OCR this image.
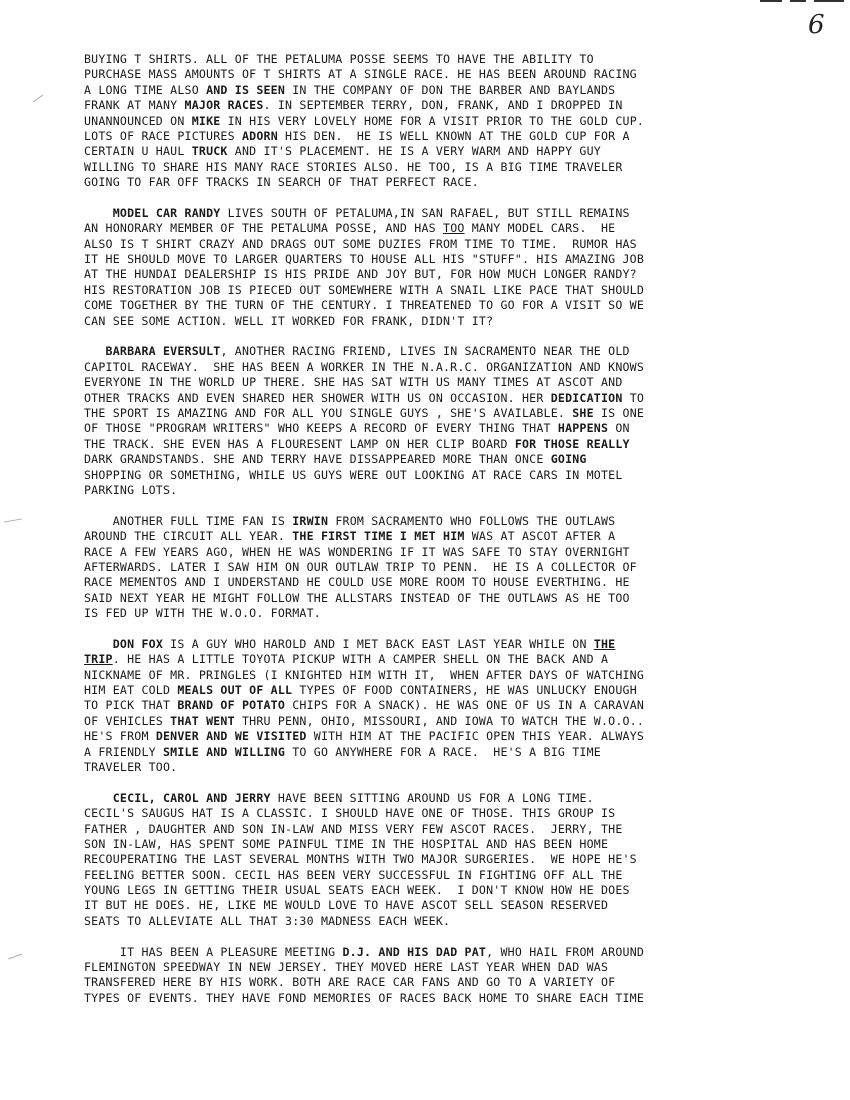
6
BUYING T SHIRTS. ALL OF THE PETALUMA POSSE SEEMS TO HAVE THE ABILITY TO
PURCHASE MASS AMOUNTS OF T SHIRTS AT A SINGLE RACE. HE HAS BEEN AROUND RACING
A LONG TIME ALSO AND IS SEEN IN THE COMPANY OF DON THE BARBER AND BAYLANDS
FRANK AT MANY MAJOR RACES. IN SEPTEMBER TERRY, DON, FRANK, AND I DROPPED IN
UNANNOUNCED ON MIKE IN HIS VERY LOVELY HOME FOR A VISIT PRIOR TO THE GOLD CUP.
LOTS OF RACE PICTURES ADORN HIS DEN.  HE IS WELL KNOWN AT THE GOLD CUP FOR A
CERTAIN U HAUL TRUCK AND IT'S PLACEMENT. HE IS A VERY WARM AND HAPPY GUY
WILLING TO SHARE HIS MANY RACE STORIES ALSO. HE TOO, IS A BIG TIME TRAVELER
GOING TO FAR OFF TRACKS IN SEARCH OF THAT PERFECT RACE.
MODEL CAR RANDY LIVES SOUTH OF PETALUMA,IN SAN RAFAEL, BUT STILL REMAINS
AN HONORARY MEMBER OF THE PETALUMA POSSE, AND HAS TOO MANY MODEL CARS.  HE
ALSO IS T SHIRT CRAZY AND DRAGS OUT SOME DUZIES FROM TIME TO TIME.  RUMOR HAS
IT HE SHOULD MOVE TO LARGER QUARTERS TO HOUSE ALL HIS "STUFF". HIS AMAZING JOB
AT THE HUNDAI DEALERSHIP IS HIS PRIDE AND JOY BUT, FOR HOW MUCH LONGER RANDY?
HIS RESTORATION JOB IS PIECED OUT SOMEWHERE WITH A SNAIL LIKE PACE THAT SHOULD
COME TOGETHER BY THE TURN OF THE CENTURY. I THREATENED TO GO FOR A VISIT SO WE
CAN SEE SOME ACTION. WELL IT WORKED FOR FRANK, DIDN'T IT?
BARBARA EVERSULT, ANOTHER RACING FRIEND, LIVES IN SACRAMENTO NEAR THE OLD
CAPITOL RACEWAY.  SHE HAS BEEN A WORKER IN THE N.A.R.C. ORGANIZATION AND KNOWS
EVERYONE IN THE WORLD UP THERE. SHE HAS SAT WITH US MANY TIMES AT ASCOT AND
OTHER TRACKS AND EVEN SHARED HER SHOWER WITH US ON OCCASION. HER DEDICATION TO
THE SPORT IS AMAZING AND FOR ALL YOU SINGLE GUYS , SHE'S AVAILABLE. SHE IS ONE
OF THOSE "PROGRAM WRITERS" WHO KEEPS A RECORD OF EVERY THING THAT HAPPENS ON
THE TRACK. SHE EVEN HAS A FLOURESENT LAMP ON HER CLIP BOARD FOR THOSE REALLY
DARK GRANDSTANDS. SHE AND TERRY HAVE DISSAPPEARED MORE THAN ONCE GOING
SHOPPING OR SOMETHING, WHILE US GUYS WERE OUT LOOKING AT RACE CARS IN MOTEL
PARKING LOTS.
ANOTHER FULL TIME FAN IS IRWIN FROM SACRAMENTO WHO FOLLOWS THE OUTLAWS
AROUND THE CIRCUIT ALL YEAR. THE FIRST TIME I MET HIM WAS AT ASCOT AFTER A
RACE A FEW YEARS AGO, WHEN HE WAS WONDERING IF IT WAS SAFE TO STAY OVERNIGHT
AFTERWARDS. LATER I SAW HIM ON OUR OUTLAW TRIP TO PENN.  HE IS A COLLECTOR OF
RACE MEMENTOS AND I UNDERSTAND HE COULD USE MORE ROOM TO HOUSE EVERTHING. HE
SAID NEXT YEAR HE MIGHT FOLLOW THE ALLSTARS INSTEAD OF THE OUTLAWS AS HE TOO
IS FED UP WITH THE W.O.O. FORMAT.
DON FOX IS A GUY WHO HAROLD AND I MET BACK EAST LAST YEAR WHILE ON THE
TRIP. HE HAS A LITTLE TOYOTA PICKUP WITH A CAMPER SHELL ON THE BACK AND A
NICKNAME OF MR. PRINGLES (I KNIGHTED HIM WITH IT,  WHEN AFTER DAYS OF WATCHING
HIM EAT COLD MEALS OUT OF ALL TYPES OF FOOD CONTAINERS, HE WAS UNLUCKY ENOUGH
TO PICK THAT BRAND OF POTATO CHIPS FOR A SNACK). HE WAS ONE OF US IN A CARAVAN
OF VEHICLES THAT WENT THRU PENN, OHIO, MISSOURI, AND IOWA TO WATCH THE W.O.O..
HE'S FROM DENVER AND WE VISITED WITH HIM AT THE PACIFIC OPEN THIS YEAR. ALWAYS
A FRIENDLY SMILE AND WILLING TO GO ANYWHERE FOR A RACE.  HE'S A BIG TIME
TRAVELER TOO.
CECIL, CAROL AND JERRY HAVE BEEN SITTING AROUND US FOR A LONG TIME.
CECIL'S SAUGUS HAT IS A CLASSIC. I SHOULD HAVE ONE OF THOSE. THIS GROUP IS
FATHER , DAUGHTER AND SON IN-LAW AND MISS VERY FEW ASCOT RACES.  JERRY, THE
SON IN-LAW, HAS SPENT SOME PAINFUL TIME IN THE HOSPITAL AND HAS BEEN HOME
RECOUPERATING THE LAST SEVERAL MONTHS WITH TWO MAJOR SURGERIES.  WE HOPE HE'S
FEELING BETTER SOON. CECIL HAS BEEN VERY SUCCESSFUL IN FIGHTING OFF ALL THE
YOUNG LEGS IN GETTING THEIR USUAL SEATS EACH WEEK.  I DON'T KNOW HOW HE DOES
IT BUT HE DOES. HE, LIKE ME WOULD LOVE TO HAVE ASCOT SELL SEASON RESERVED
SEATS TO ALLEVIATE ALL THAT 3:30 MADNESS EACH WEEK.
IT HAS BEEN A PLEASURE MEETING D.J. AND HIS DAD PAT, WHO HAIL FROM AROUND
FLEMINGTON SPEEDWAY IN NEW JERSEY. THEY MOVED HERE LAST YEAR WHEN DAD WAS
TRANSFERED HERE BY HIS WORK. BOTH ARE RACE CAR FANS AND GO TO A VARIETY OF
TYPES OF EVENTS. THEY HAVE FOND MEMORIES OF RACES BACK HOME TO SHARE EACH TIME
